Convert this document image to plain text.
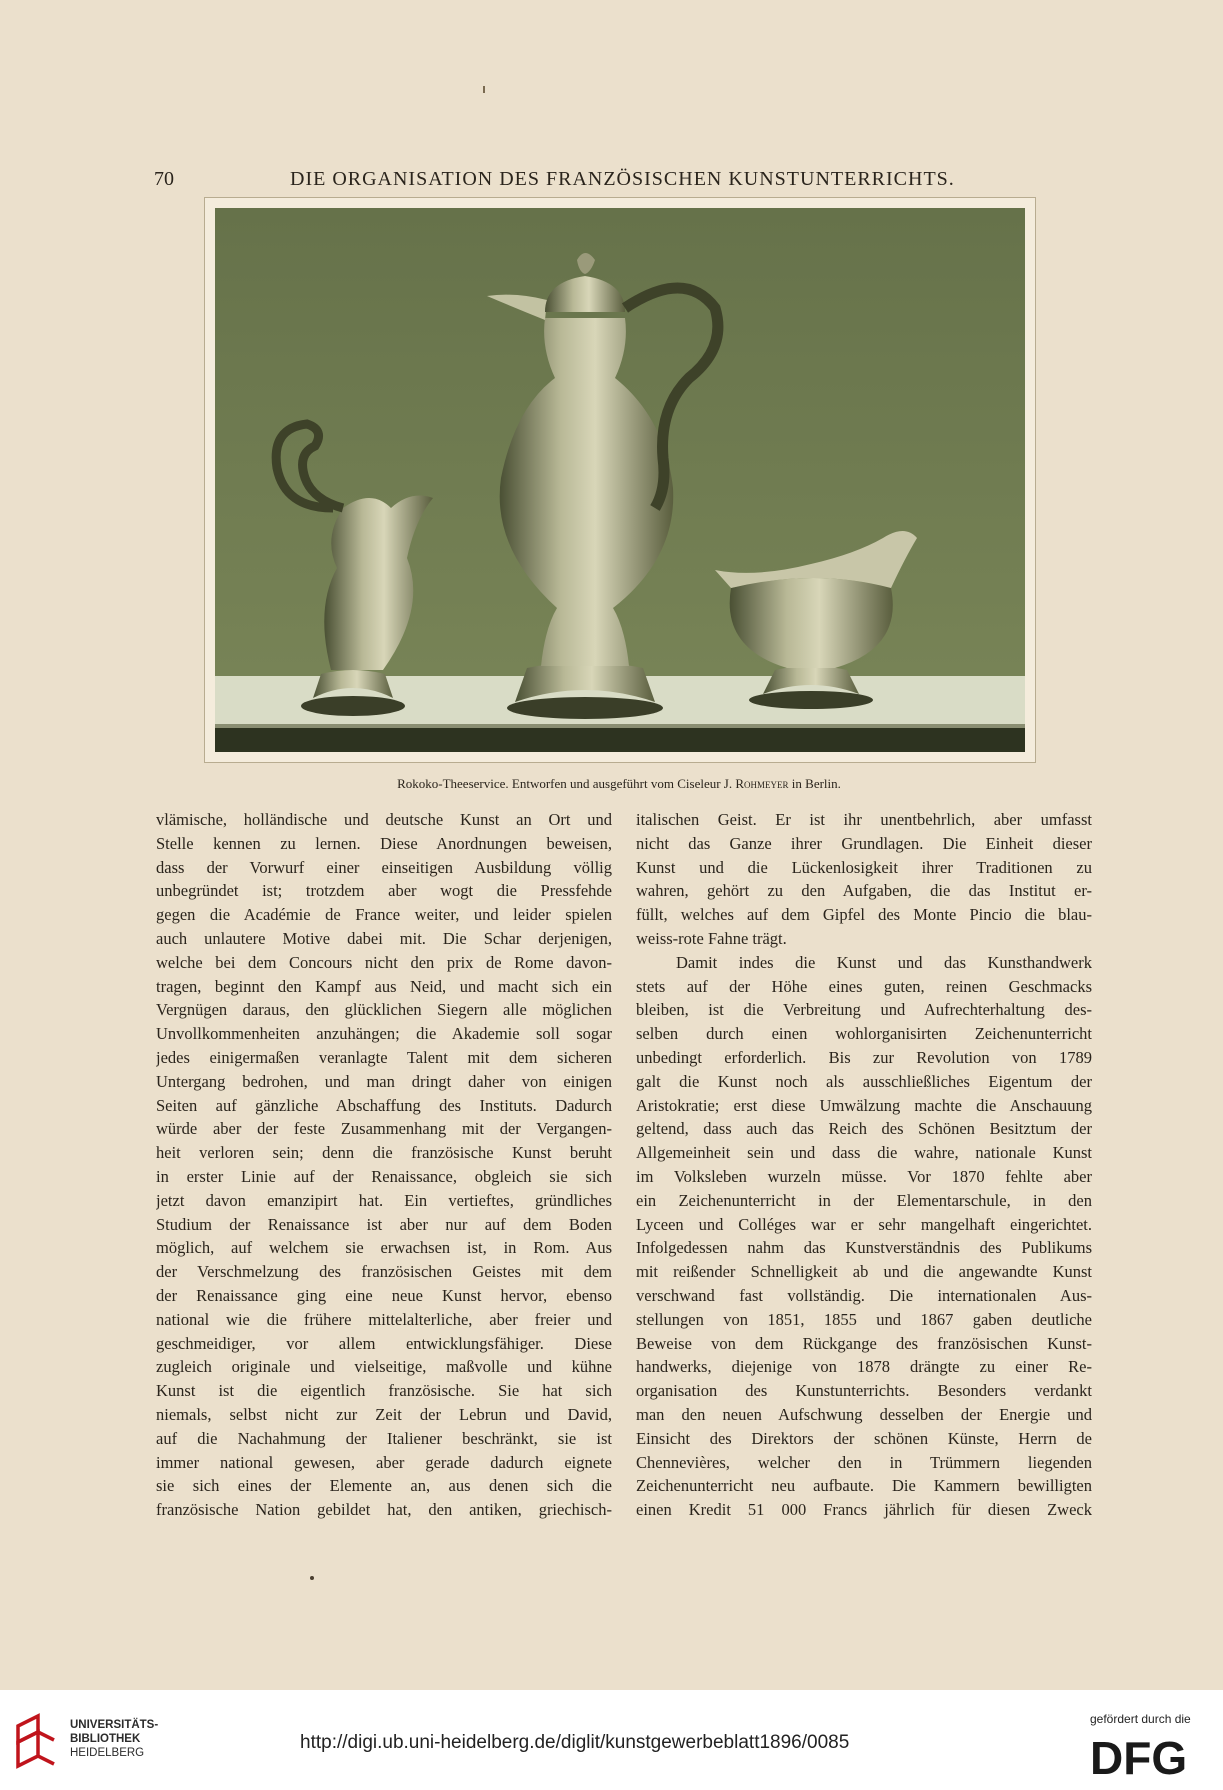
70	DIE ORGANISATION DES FRANZÖSISCHEN KUNSTUNTERRICHTS.
Rokoko-Theeservice. Entworfen und ausgeführt vom Ciseleur J. Rohmeyer in Berlin.
vlämische, holländische und deutsche Kunst an Ort und
Stelle kennen zu lernen. Diese Anordnungen beweisen,
dass der Vorwurf einer einseitigen Ausbildung völlig
unbegründet ist; trotzdem aber wogt die Pressfehde
gegen die Académie de France weiter, und leider spielen
auch unlautere Motive dabei mit. Die Schar derjenigen,
welche bei dem Concours nicht den prix de Rome davon-
tragen, beginnt den Kampf aus Neid, und macht sich ein
Vergnügen daraus, den glücklichen Siegern alle möglichen
Unvollkommenheiten anzuhängen; die Akademie soll sogar
jedes einigermaßen veranlagte Talent mit dem sicheren
Untergang bedrohen, und man dringt daher von einigen
Seiten auf gänzliche Abschaffung des Instituts. Dadurch
würde aber der feste Zusammenhang mit der Vergangen-
heit verloren sein; denn die französische Kunst beruht
in erster Linie auf der Renaissance, obgleich sie sich
jetzt davon emanzipirt hat. Ein vertieftes, gründliches
Studium der Renaissance ist aber nur auf dem Boden
möglich, auf welchem sie erwachsen ist, in Rom. Aus
der Verschmelzung des französischen Geistes mit dem
der Renaissance ging eine neue Kunst hervor, ebenso
national wie die frühere mittelalterliche, aber freier und
geschmeidiger, vor allem entwicklungsfähiger. Diese
zugleich originale und vielseitige, maßvolle und kühne
Kunst ist die eigentlich französische. Sie hat sich
niemals, selbst nicht zur Zeit der Lebrun und David,
auf die Nachahmung der Italiener beschränkt, sie ist
immer national gewesen, aber gerade dadurch eignete
sie sich eines der Elemente an, aus denen sich die
französische Nation gebildet hat, den antiken, griechisch-
italischen Geist. Er ist ihr unentbehrlich, aber umfasst
nicht das Ganze ihrer Grundlagen. Die Einheit dieser
Kunst und die Lückenlosigkeit ihrer Traditionen zu
wahren, gehört zu den Aufgaben, die das Institut er-
füllt, welches auf dem Gipfel des Monte Pincio die blau-
weiss-rote Fahne trägt.
Damit indes die Kunst und das Kunsthandwerk
stets auf der Höhe eines guten, reinen Geschmacks
bleiben, ist die Verbreitung und Aufrechterhaltung des-
selben durch einen wohlorganisirten Zeichenunterricht
unbedingt erforderlich. Bis zur Revolution von 1789
galt die Kunst noch als ausschließliches Eigentum der
Aristokratie; erst diese Umwälzung machte die Anschauung
geltend, dass auch das Reich des Schönen Besitztum der
Allgemeinheit sein und dass die wahre, nationale Kunst
im Volksleben wurzeln müsse. Vor 1870 fehlte aber
ein Zeichenunterricht in der Elementarschule, in den
Lyceen und Colléges war er sehr mangelhaft eingerichtet.
Infolgedessen nahm das Kunstverständnis des Publikums
mit reißender Schnelligkeit ab und die angewandte Kunst
verschwand fast vollständig. Die internationalen Aus-
stellungen von 1851, 1855 und 1867 gaben deutliche
Beweise von dem Rückgange des französischen Kunst-
handwerks, diejenige von 1878 drängte zu einer Re-
organisation des Kunstunterrichts. Besonders verdankt
man den neuen Aufschwung desselben der Energie und
Einsicht des Direktors der schönen Künste, Herrn de
Chennevières, welcher den in Trümmern liegenden
Zeichenunterricht neu aufbaute. Die Kammern bewilligten
einen Kredit 51 000 Francs jährlich für diesen Zweck
UNIVERSITÄTS-
BIBLIOTHEK
HEIDELBERG	http://digi.ub.uni-heidelberg.de/diglit/kunstgewerbeblatt1896/0085
gefördert durch die
DFG
